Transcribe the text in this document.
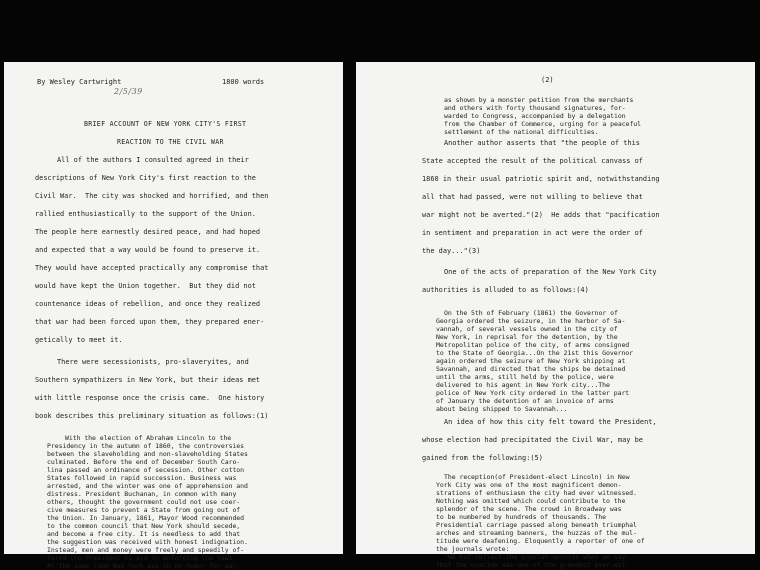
By Wesley Cartwright	1800 words
2/5/39
BRIEF ACCOUNT OF NEW YORK CITY'S FIRST
REACTION TO THE CIVIL WAR
All of the authors I consulted agreed in their
descriptions of New York City's first reaction to the
Civil War.  The city was shocked and horrified, and then
rallied enthusiastically to the support of the Union.
The people here earnestly desired peace, and had hoped
and expected that a way would be found to preserve it.
They would have accepted practically any compromise that
would have kept the Union together.  But they did not
countenance ideas of rebellion, and once they realized
that war had been forced upon them, they prepared ener-
getically to meet it.
There were secessionists, pro-slaveryites, and
Southern sympathizers in New York, but their ideas met
with little response once the crisis came.  One history
book describes this preliminary situation as follows:(1)
With the election of Abraham Lincoln to the
Presidency in the autumn of 1860, the controversies
between the slaveholding and non-slaveholding States
culminated. Before the end of December South Caro-
lina passed an ordinance of secession. Other cotton
States followed in rapid succession. Business was
arrested, and the winter was one of apprehension and
distress. President Buchanan, in common with many
others, thought the government could not use coer-
cive measures to prevent a State from going out of
the Union. In January, 1861, Mayor Wood recommended
to the common council that New York should secede,
and become a free city. It is needless to add that
the suggestion was received with honest indignation.
Instead, men and money were freely and speedily of-
fered the President to aid in enforcing the laws.
At the same time New York was in no humor for war,
(2)
as shown by a monster petition from the merchants
and others with forty thousand signatures, for-
warded to Congress, accompanied by a delegation
from the Chamber of Commerce, urging for a peaceful
settlement of the national difficulties.
Another author asserts that "the people of this
State accepted the result of the political canvass of
1860 in their usual patriotic spirit and, notwithstanding
all that had passed, were not willing to believe that
war might not be averted."(2)  He adds that "pacification
in sentiment and preparation in act were the order of
the day..."(3)
One of the acts of preparation of the New York City
authorities is alluded to as follows:(4)
On the 5th of February (1861) the Governor of
Georgia ordered the seizure, in the harbor of Sa-
vannah, of several vessels owned in the city of
New York, in reprisal for the detention, by the
Metropolitan police of the city, of arms consigned
to the State of Georgia...On the 21st this Governor
again ordered the seizure of New York shipping at
Savannah, and directed that the ships be detained
until the arms, still held by the police, were
delivered to his agent in New York city...The
police of New York city ordered in the latter part
of January the detention of an invoice of arms
about being shipped to Savannah...
An idea of how this city felt toward the President,
whose election had precipitated the Civil War, may be
gained from the following:(5)
The reception(of President-elect Lincoln) in New
York City was one of the most magnificent demon-
strations of enthusiasm the city had ever witnessed.
Nothing was omitted which could contribute to the
splendor of the scene. The crowd in Broadway was
to be numbered by hundreds of thousands. The
Presidential carriage passed along beneath triumphal
arches and streaming banners, the huzzas of the mul-
titude were deafening. Eloquently a reporter of one of
the journals wrote:
"We but reflect the popular opinion when we say
that the ovation was one of the grandest ever wit-
